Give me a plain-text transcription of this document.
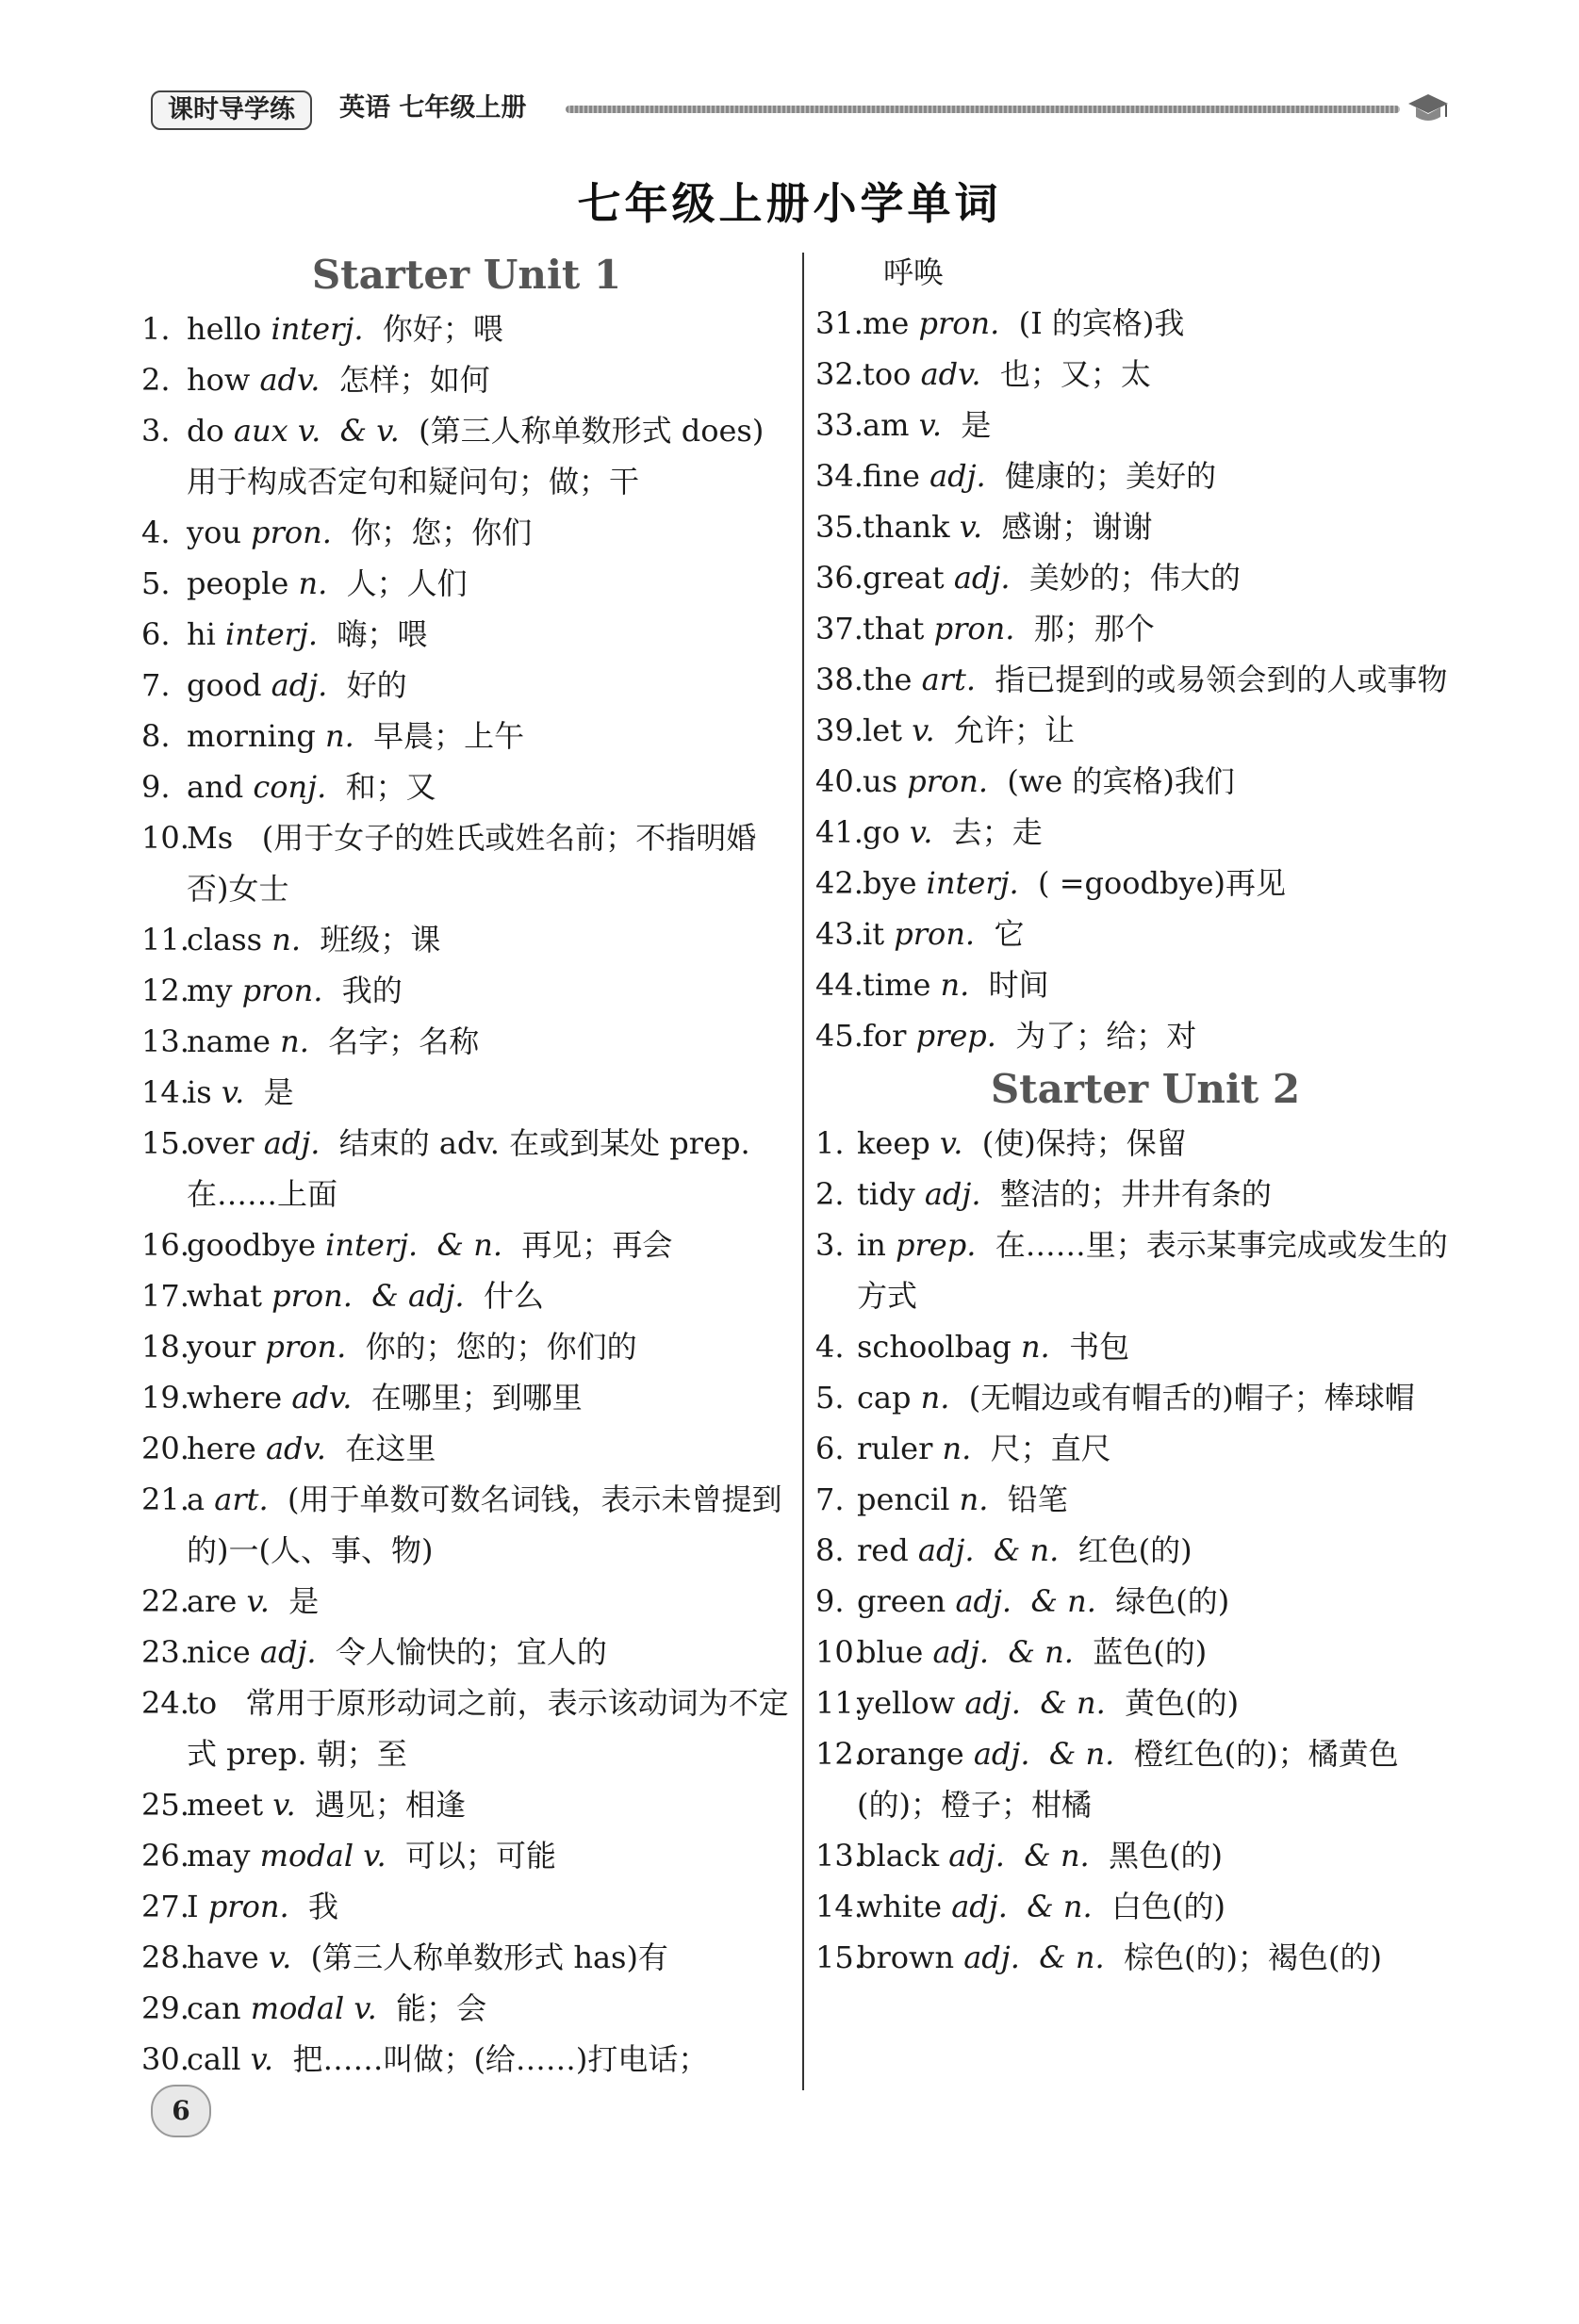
课时导学练	英语 七年级上册
七年级上册小学单词
Starter Unit 1
1. hello interj. 你好；喂
2. how adv. 怎样；如何
3. do aux v.  & v. (第三人称单数形式 does)用于构成否定句和疑问句；做；干
4. you pron. 你；您；你们
5. people n. 人；人们
6. hi interj. 嗨；喂
7. good adj. 好的
8. morning n. 早晨；上午
9. and conj. 和；又
10.
Ms (用于女子的姓氏或姓名前；不指明婚否)女士
11.
class n. 班级；课
12.
my pron. 我的
13.
name n. 名字；名称
14.
is v. 是
15.
over adj. 结束的 adv. 在或到某处 prep. 在……上面
16.
goodbye interj.  & n. 再见；再会
17.
what pron.  & adj. 什么
18.
your pron. 你的；您的；你们的
19.
where adv. 在哪里；到哪里
20.
here adv. 在这里
21.
a art. (用于单数可数名词钱，表示未曾提到的)一(人、事、物)
22.
are v. 是
23.
nice adj. 令人愉快的；宜人的
24.
to 常用于原形动词之前，表示该动词为不定式 prep. 朝；至
25.
meet v. 遇见；相逢
26.
may modal v. 可以；可能
27.
I pron. 我
28.
have v. (第三人称单数形式 has)有
29.
can modal v. 能；会
30.
call v. 把……叫做；(给……)打电话；
呼唤
31. me pron. (I 的宾格)我
32. too adv. 也；又；太
33. am v. 是
34. fine adj. 健康的；美好的
35. thank v. 感谢；谢谢
36. great adj. 美妙的；伟大的
37. that pron. 那；那个
38. the art. 指已提到的或易领会到的人或事物
39. let v. 允许；让
40. us pron. (we 的宾格)我们
41. go v. 去；走
42. bye interj. ( =goodbye)再见
43. it pron. 它
44. time n. 时间
45. for prep. 为了；给；对
Starter Unit 2
1. keep v. (使)保持；保留
2. tidy adj. 整洁的；井井有条的
3. in prep. 在……里；表示某事完成或发生的方式
4. schoolbag n. 书包
5. cap n. (无帽边或有帽舌的)帽子；棒球帽
6. ruler n. 尺；直尺
7. pencil n. 铅笔
8. red adj.  & n. 红色(的)
9. green adj.  & n. 绿色(的)
10.
blue adj.  & n. 蓝色(的)
11.
yellow adj.  & n. 黄色(的)
12.
orange adj.  & n. 橙红色(的)；橘黄色(的)；橙子；柑橘
13.
black adj.  & n. 黑色(的)
14.
white adj.  & n. 白色(的)
15.
brown adj.  & n. 棕色(的)；褐色(的)
6
